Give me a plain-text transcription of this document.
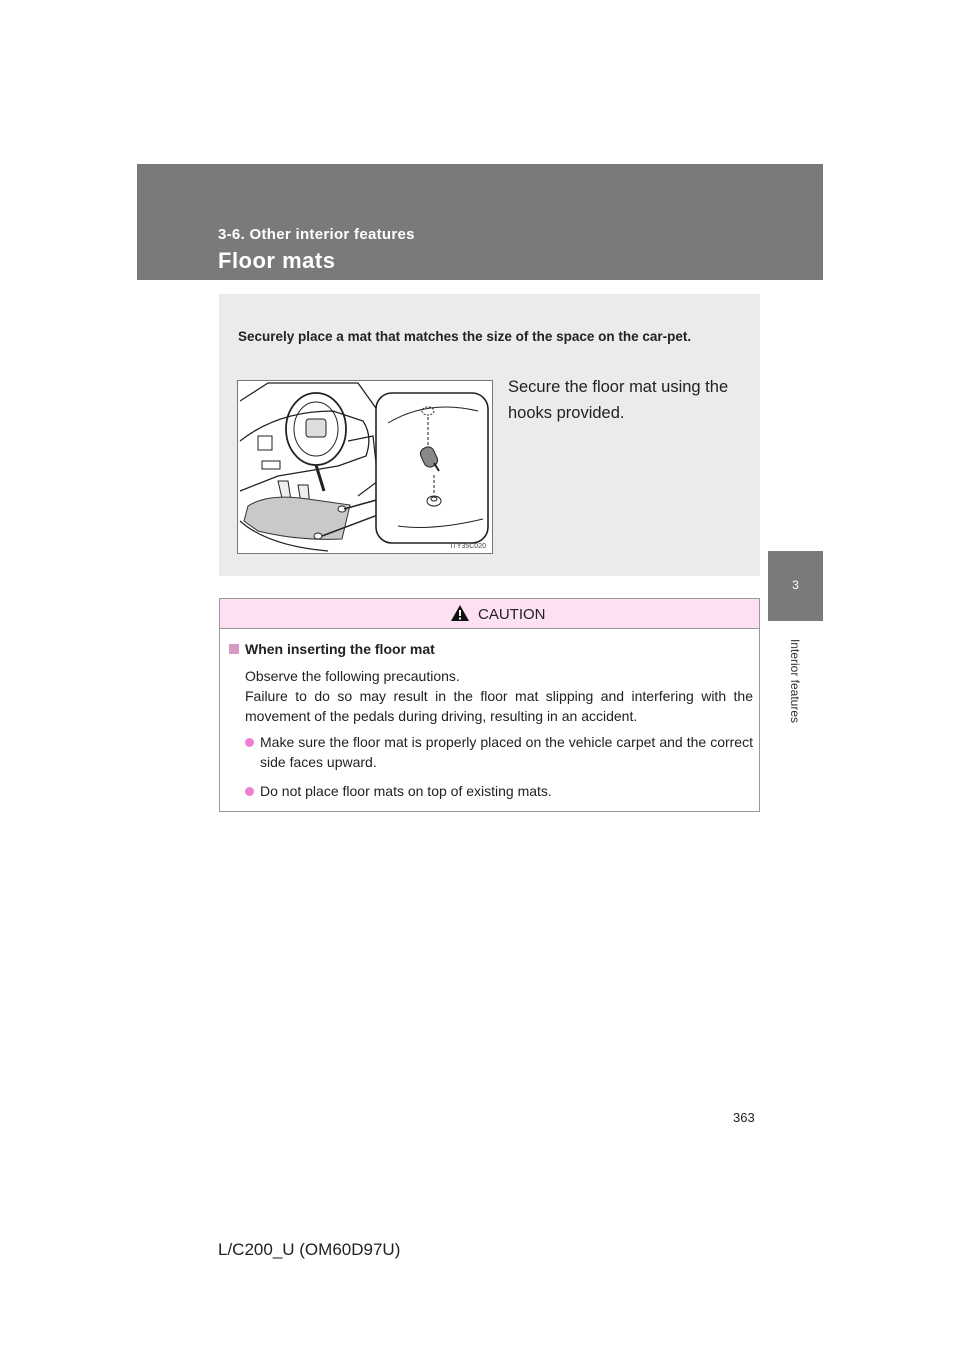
3-6. Other interior features
Floor mats
3
Interior features
Securely place a mat that matches the size of the space on the car-pet.
ITY35C020
Secure the floor mat using the hooks provided.
CAUTION
When inserting the floor mat
Observe the following precautions.
Failure to do so may result in the floor mat slipping and interfering with the movement of the pedals during driving, resulting in an accident.
Make sure the floor mat is properly placed on the vehicle carpet and the correct side faces upward.
Do not place floor mats on top of existing mats.
363
L/C200_U (OM60D97U)
